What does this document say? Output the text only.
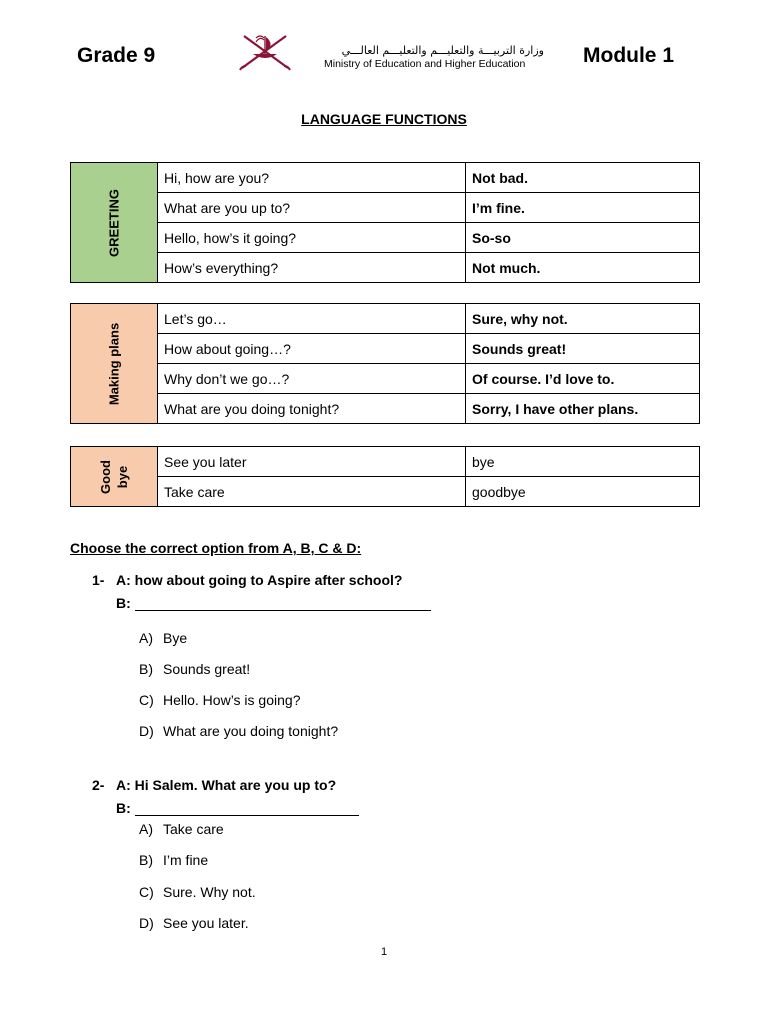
Grade 9	وزارة التربيـــة والتعليـــم والتعليـــم العالـــي
Ministry of Education and Higher Education	Module 1
LANGUAGE FUNCTIONS
GREETING	Hi, how are you?	Not bad.
	What are you up to?	I’m fine.
	Hello, how’s it going?	So-so
	How’s everything?	Not much.
Making plans	Let’s go…	Sure, why not.
	How about going…?	Sounds great!
	Why don’t we go…?	Of course. I’d love to.
	What are you doing tonight?	Sorry, I have other plans.
Good bye	See you later	bye
	Take care	goodbye
Choose the correct option from A, B, C & D:
1- A: how about going to Aspire after school?
B:
A) Bye
B) Sounds great!
C) Hello. How’s is going?
D) What are you doing tonight?
2- A: Hi Salem. What are you up to?
B:
A) Take care
B) I’m fine
C) Sure. Why not.
D) See you later.
1
